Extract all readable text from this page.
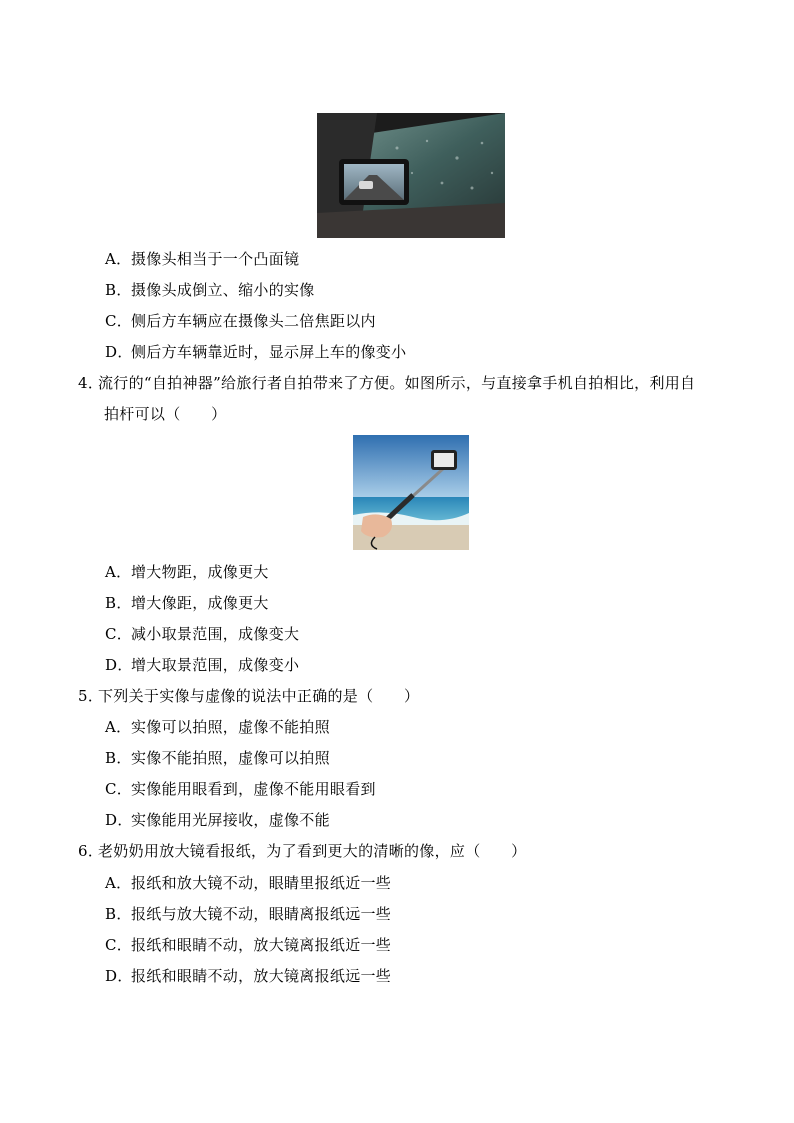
A．摄像头相当于一个凸面镜
B．摄像头成倒立、缩小的实像
C．侧后方车辆应在摄像头二倍焦距以内
D．侧后方车辆靠近时，显示屏上车的像变小
4．流行的“自拍神器”给旅行者自拍带来了方便。如图所示，与直接拿手机自拍相比，利用自
拍杆可以（　　）
A．增大物距，成像更大
B．增大像距，成像更大
C．减小取景范围，成像变大
D．增大取景范围，成像变小
5．下列关于实像与虚像的说法中正确的是（　　）
A．实像可以拍照，虚像不能拍照
B．实像不能拍照，虚像可以拍照
C．实像能用眼看到，虚像不能用眼看到
D．实像能用光屏接收，虚像不能
6．老奶奶用放大镜看报纸，为了看到更大的清晰的像，应（　　）
A．报纸和放大镜不动，眼睛里报纸近一些
B．报纸与放大镜不动，眼睛离报纸远一些
C．报纸和眼睛不动，放大镜离报纸近一些
D．报纸和眼睛不动，放大镜离报纸远一些
